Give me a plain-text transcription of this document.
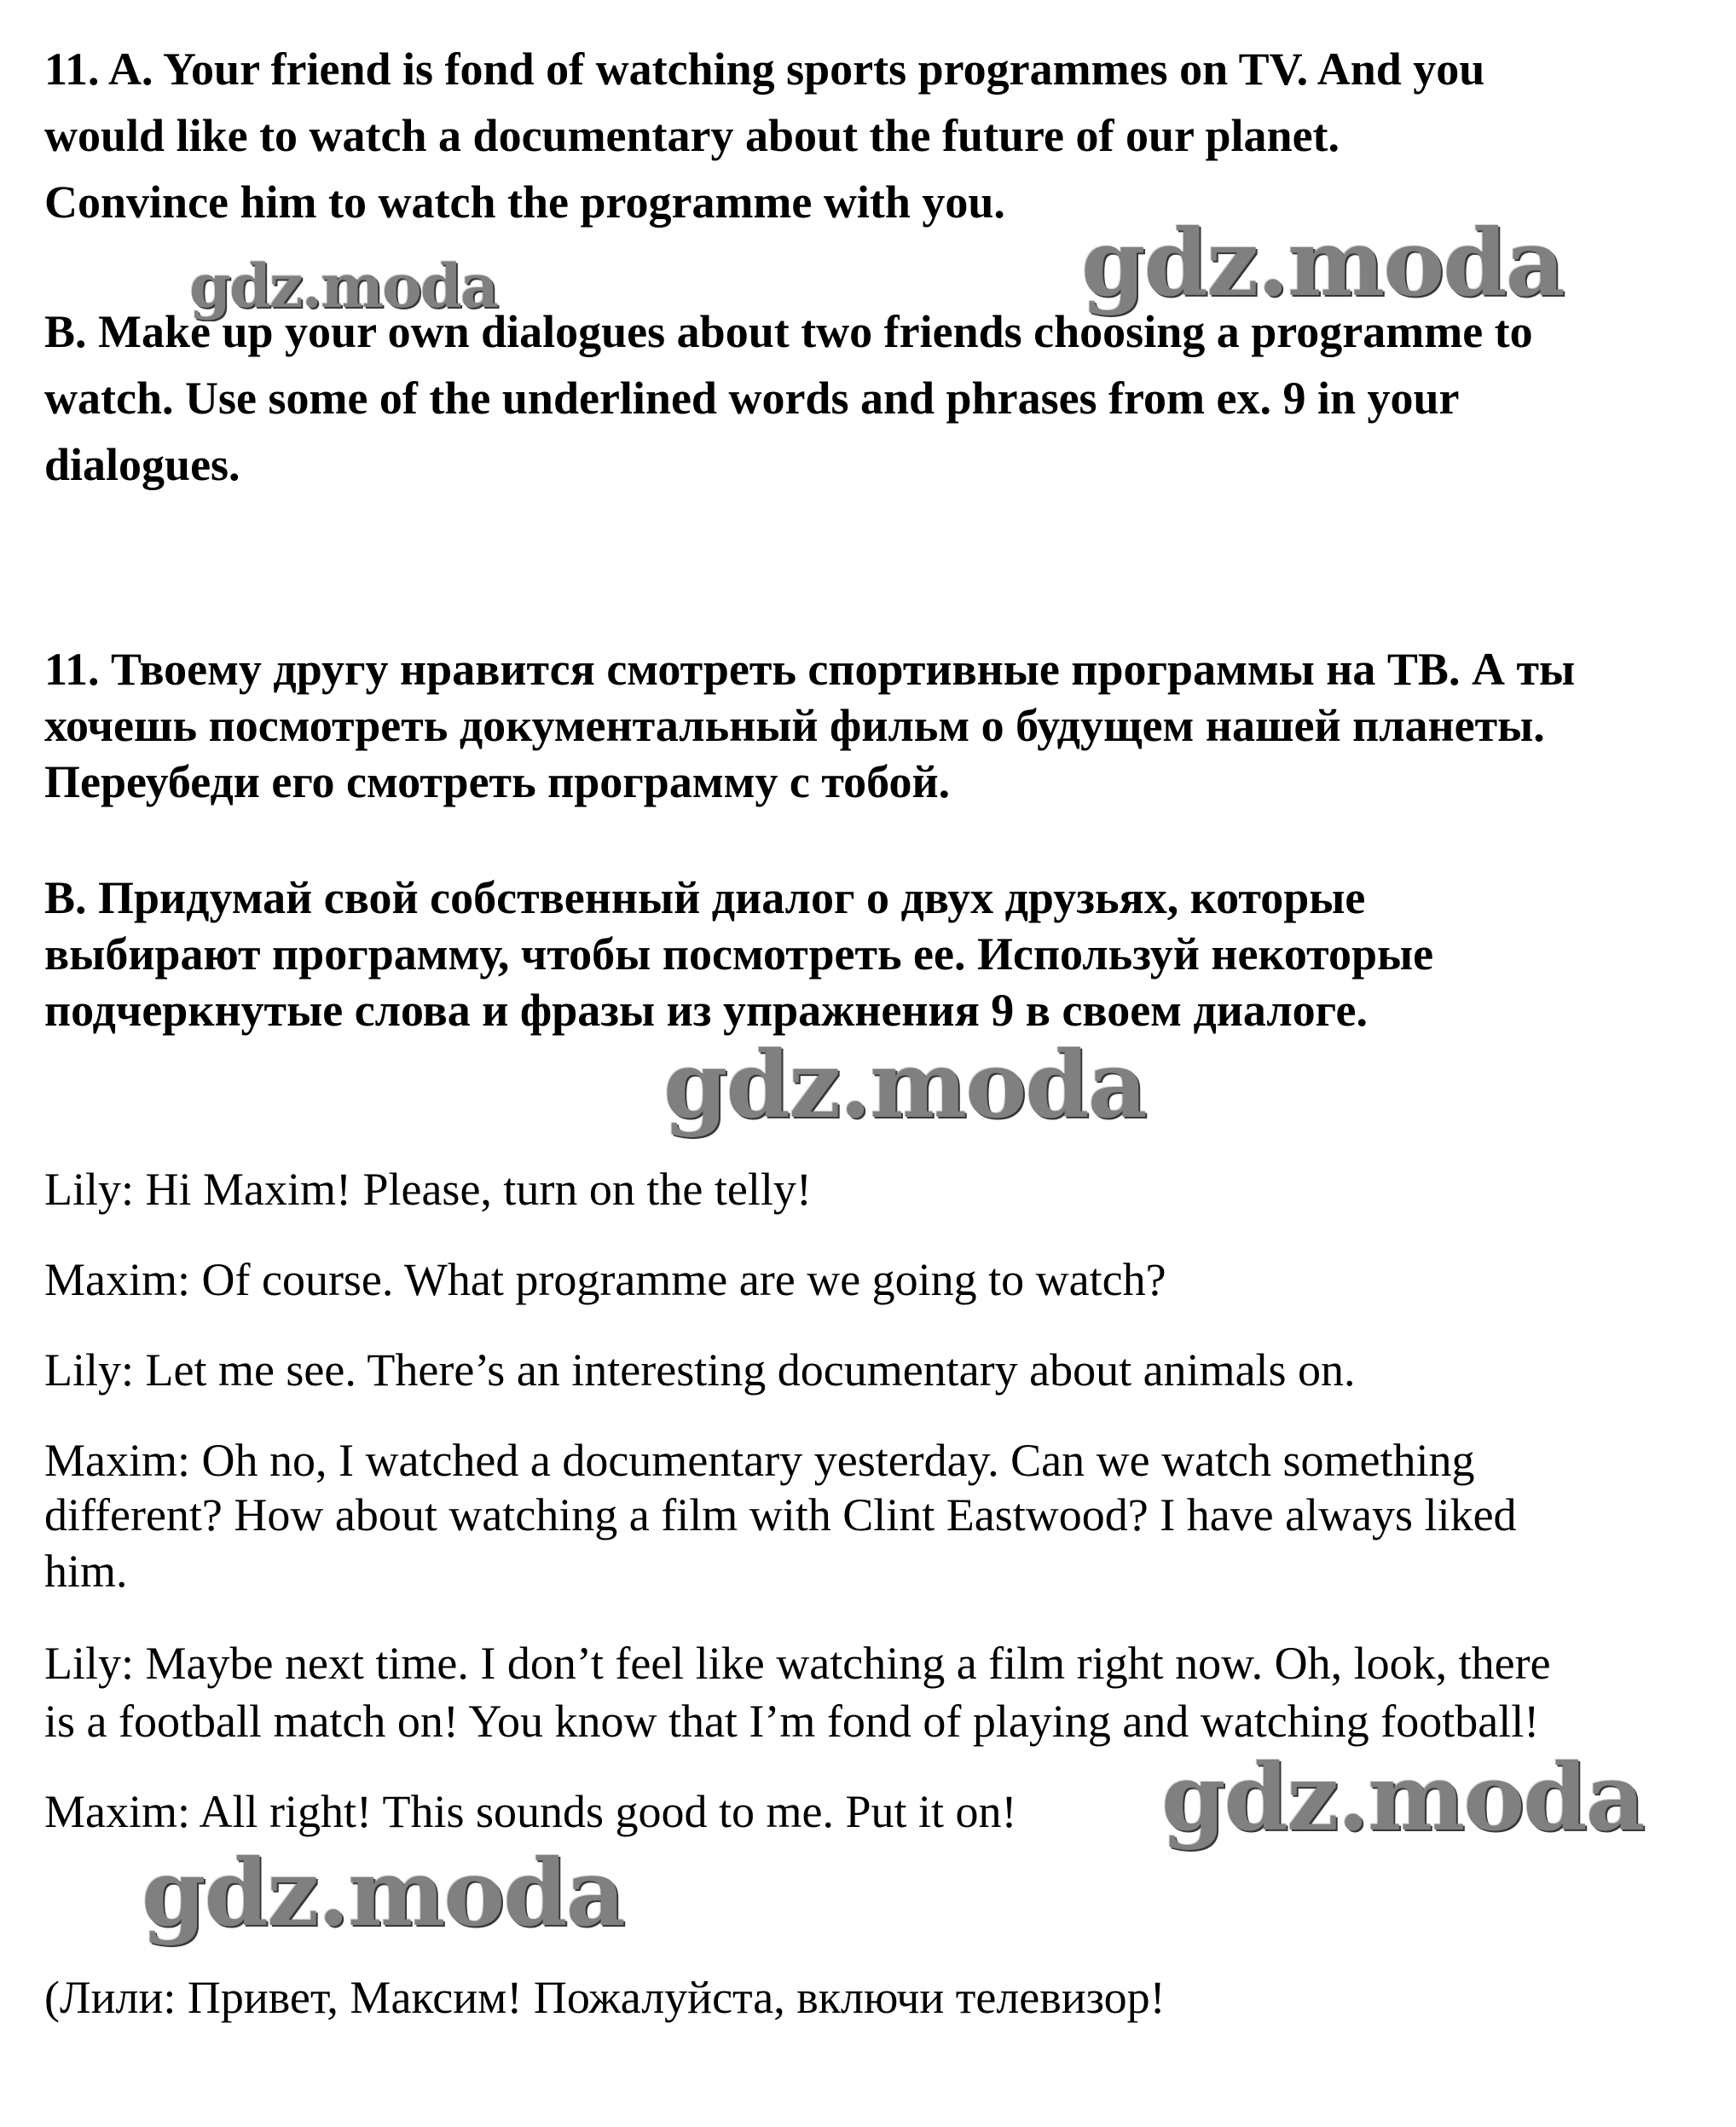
11. A. Your friend is fond of watching sports programmes on TV. And you

would like to watch a documentary about the future of our planet.

Convince him to watch the programme with you.

B. Make up your own dialogues about two friends choosing a programme to

watch. Use some of the underlined words and phrases from ex. 9 in your

dialogues.

11. Твоему другу нравится смотреть спортивные программы на ТВ. А ты

хочешь посмотреть документальный фильм о будущем нашей планеты.

Переубеди его смотреть программу с тобой.

B. Придумай свой собственный диалог о двух друзьях, которые

выбирают программу, чтобы посмотреть ее. Используй некоторые

подчеркнутые слова и фразы из упражнения 9 в своем диалоге.

Lily: Hi Maxim! Please, turn on the telly!

Maxim: Of course. What programme are we going to watch?

Lily: Let me see. There’s an interesting documentary about animals on.

Maxim: Oh no, I watched a documentary yesterday. Can we watch something

different? How about watching a film with Clint Eastwood? I have always liked

him.

Lily: Maybe next time. I don’t feel like watching a film right now. Oh, look, there

is a football match on! You know that I’m fond of playing and watching football!

Maxim: All right! This sounds good to me. Put it on!

(Лили: Привет, Максим! Пожалуйста, включи телевизор!

gdz.moda	gdz.moda
gdz.moda
gdz.moda
gdz.moda
